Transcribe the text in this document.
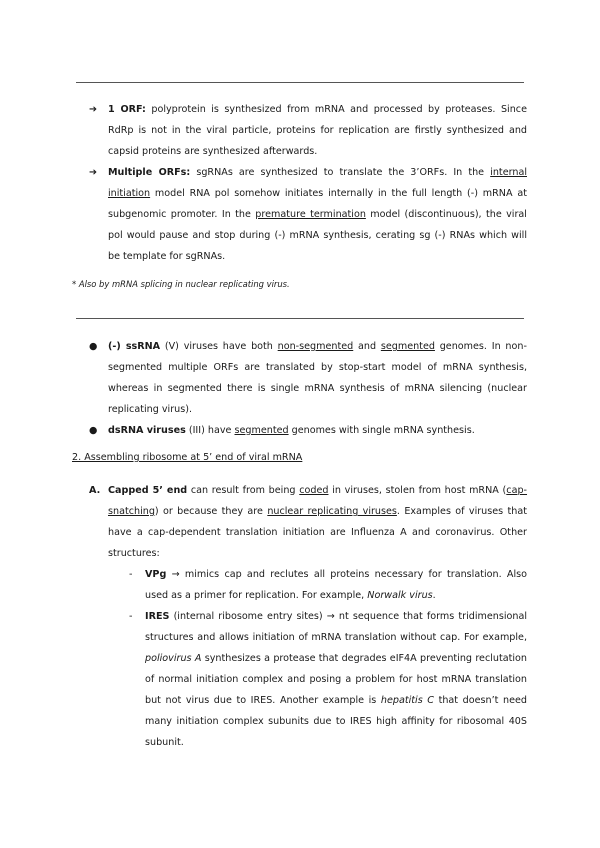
➔ 1 ORF: polyprotein is synthesized from mRNA and processed by proteases. Since RdRp is not in the viral particle, proteins for replication are firstly synthesized and capsid proteins are synthesized afterwards.

➔ Multiple ORFs: sgRNAs are synthesized to translate the 3’ORFs. In the internal initiation model RNA pol somehow initiates internally in the full length (-) mRNA at subgenomic promoter. In the premature termination model (discontinuous), the viral pol would pause and stop during (-) mRNA synthesis, cerating sg (-) RNAs which will be template for sgRNAs.

* Also by mRNA splicing in nuclear replicating virus.
● (-) ssRNA (V) viruses have both non-segmented and segmented genomes. In non-segmented multiple ORFs are translated by stop-start model of mRNA synthesis, whereas in segmented there is single mRNA synthesis of mRNA silencing (nuclear replicating virus).

● dsRNA viruses (III) have segmented genomes with single mRNA synthesis.

2. Assembling ribosome at 5’ end of viral mRNA
A. Capped 5’ end can result from being coded in viruses, stolen from host mRNA (cap-snatching) or because they are nuclear replicating viruses. Examples of viruses that have a cap-dependent translation initiation are Influenza A and coronavirus. Other structures:

- VPg → mimics cap and reclutes all proteins necessary for translation. Also used as a primer for replication. For example, Norwalk virus.

- IRES (internal ribosome entry sites) → nt sequence that forms tridimensional structures and allows initiation of mRNA translation without cap. For example, poliovirus A synthesizes a protease that degrades eIF4A preventing reclutation of normal initiation complex and posing a problem for host mRNA translation but not virus due to IRES. Another example is hepatitis C that doesn’t need many initiation complex subunits due to IRES high affinity for ribosomal 40S subunit.
